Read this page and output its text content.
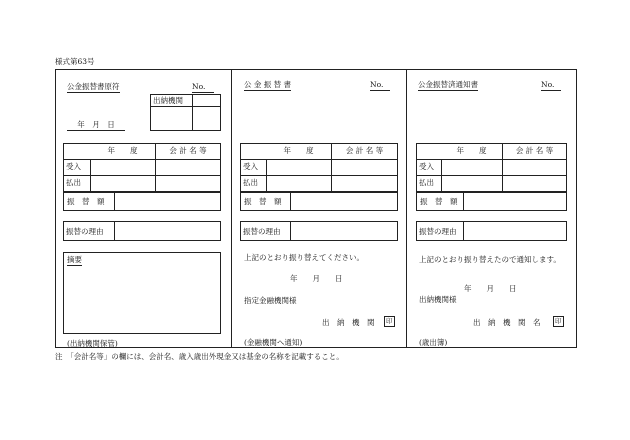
様式第63号
公金振替書原符	No.
出納機関
年　月　日
年　　度	会 計 名 等
受入
払出
振　替　額
振替の理由
摘要
(出納機関保管)
公 金 振 替 書	No.
年　　度	会 計 名 等
受入
払出
振　替　額
振替の理由
上記のとおり振り替えてください。
年　　月　　日
指定金融機関様
出　納　機　関	印
(金融機関へ通知)
公金振替済通知書	No.
年　　度	会 計 名 等
受入
払出
振　替　額
振替の理由
上記のとおり振り替えたので通知します。
年　　月　　日
出納機関様
出　納　機　関　名	印
(歳出簿)
注　「会計名等」の欄には、会計名、歳入歳出外現金又は基金の名称を記載すること。
